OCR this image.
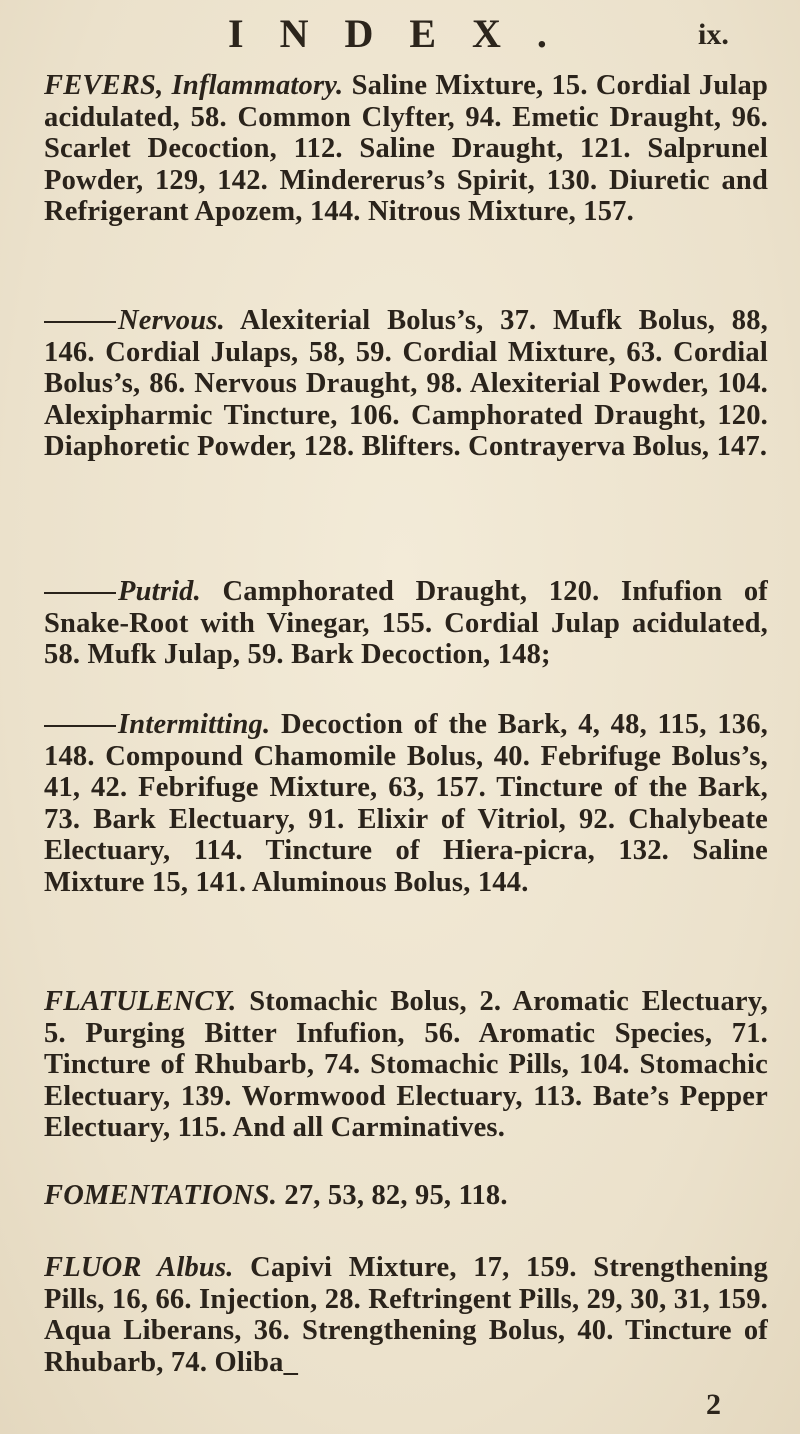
INDEX.	ix.
FEVERS, Inflammatory. Saline Mixture, 15. Cordial Julap acidulated, 58. Common Clyfter, 94. Emetic Draught, 96. Scarlet Decoction, 112. Saline Draught, 121. Salprunel Powder, 129, 142. Mindererus’s Spirit, 130. Diuretic and Refrigerant Apozem, 144. Nitrous Mixture, 157.
Nervous. Alexiterial Bolus’s, 37. Mufk Bolus, 88, 146. Cordial Julaps, 58, 59. Cordial Mixture, 63. Cordial Bolus’s, 86. Nervous Draught, 98. Alexiterial Powder, 104. Alexipharmic Tincture, 106. Camphorated Draught, 120. Diaphoretic Powder, 128. Blifters. Contrayerva Bolus, 147.
Putrid. Camphorated Draught, 120. Infufion of Snake-Root with Vinegar, 155. Cordial Julap acidulated, 58. Mufk Julap, 59. Bark Decoction, 148;
Intermitting. Decoction of the Bark, 4, 48, 115, 136, 148. Compound Chamomile Bolus, 40. Febrifuge Bolus’s, 41, 42. Febrifuge Mixture, 63, 157. Tincture of the Bark, 73. Bark Electuary, 91. Elixir of Vitriol, 92. Chalybeate Electuary, 114. Tincture of Hiera-picra, 132. Saline Mixture 15, 141. Aluminous Bolus, 144.
FLATULENCY. Stomachic Bolus, 2. Aromatic Electuary, 5. Purging Bitter Infufion, 56. Aromatic Species, 71. Tincture of Rhubarb, 74. Stomachic Pills, 104. Stomachic Electuary, 139. Wormwood Electuary, 113. Bate’s Pepper Electuary, 115. And all Carminatives.
FOMENTATIONS. 27, 53, 82, 95, 118.
FLUOR Albus. Capivi Mixture, 17, 159. Strengthening Pills, 16, 66. Injection, 28. Reftringent Pills, 29, 30, 31, 159. Aqua Liberans, 36. Strengthening Bolus, 40. Tincture of Rhubarb, 74. Oliba_
2
